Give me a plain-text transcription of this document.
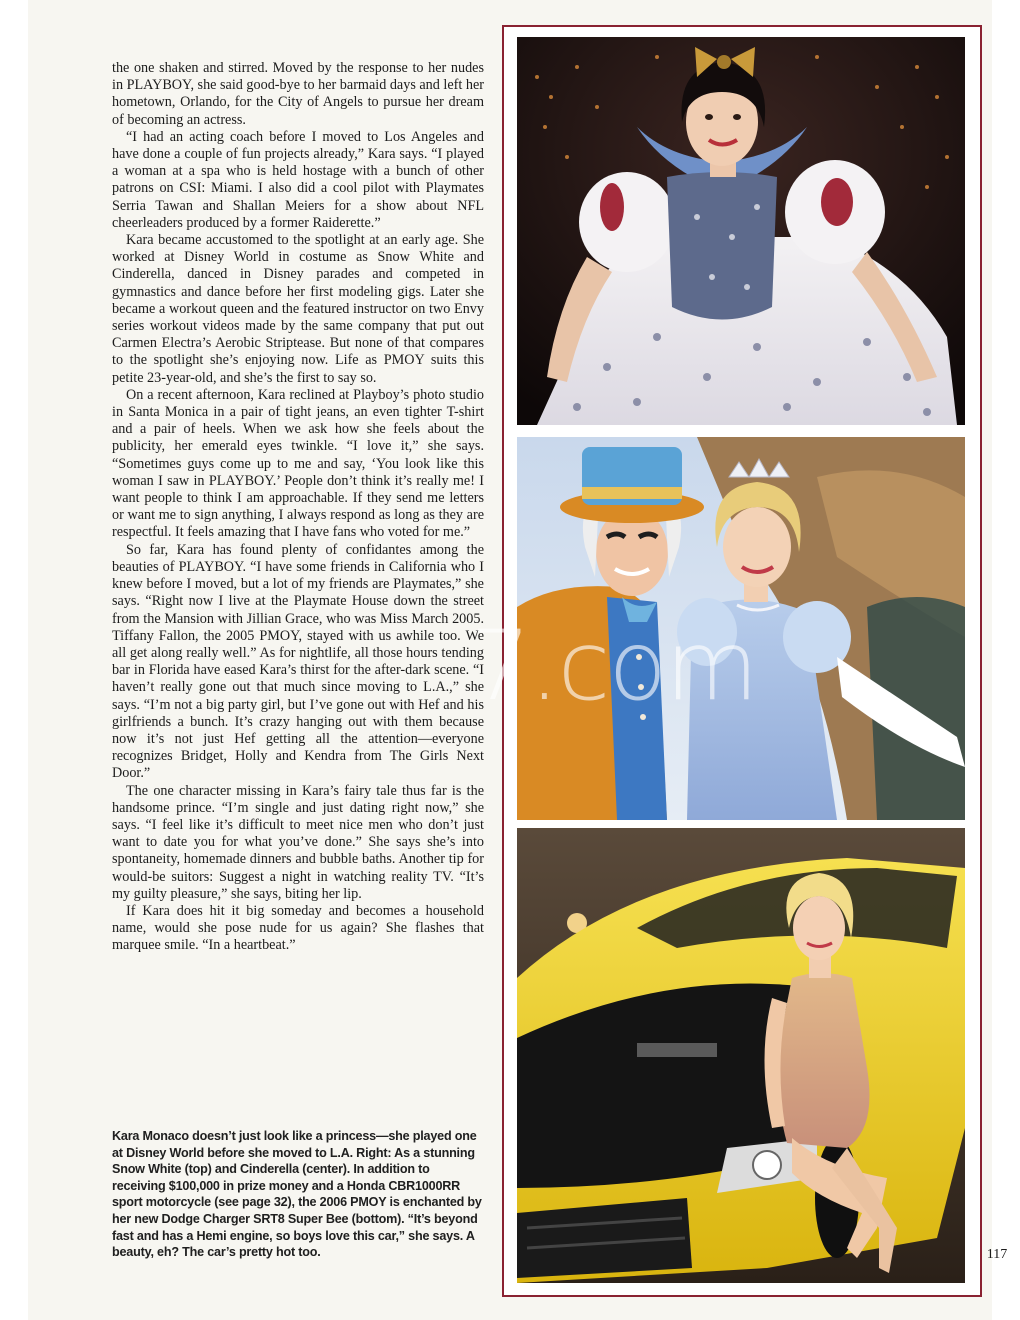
the one shaken and stirred. Moved by the response to her nudes in PLAYBOY, she said good-bye to her barmaid days and left her hometown, Orlando, for the City of Angels to pursue her dream of becoming an actress.

“I had an acting coach before I moved to Los Angeles and have done a couple of fun projects already,” Kara says. “I played a woman at a spa who is held hostage with a bunch of other patrons on CSI: Miami. I also did a cool pilot with Playmates Serria Tawan and Shallan Meiers for a show about NFL cheerleaders produced by a former Raiderette.”

Kara became accustomed to the spotlight at an early age. She worked at Disney World in costume as Snow White and Cinderella, danced in Disney parades and competed in gymnastics and dance before her first modeling gigs. Later she became a workout queen and the featured instructor on two Envy series workout videos made by the same company that put out Carmen Electra’s Aerobic Striptease. But none of that compares to the spotlight she’s enjoying now. Life as PMOY suits this petite 23-year-old, and she’s the first to say so.

On a recent afternoon, Kara reclined at Playboy’s photo studio in Santa Monica in a pair of tight jeans, an even tighter T-shirt and a pair of heels. When we ask how she feels about the publicity, her emerald eyes twinkle. “I love it,” she says. “Sometimes guys come up to me and say, ‘You look like this woman I saw in PLAYBOY.’ People don’t think it’s really me! I want people to think I am approachable. If they send me letters or want me to sign anything, I always respond as long as they are respectful. It feels amazing that I have fans who voted for me.”

So far, Kara has found plenty of confidantes among the beauties of PLAYBOY. “I have some friends in California who I knew before I moved, but a lot of my friends are Playmates,” she says. “Right now I live at the Playmate House down the street from the Mansion with Jillian Grace, who was Miss March 2005. Tiffany Fallon, the 2005 PMOY, stayed with us awhile too. We all get along really well.” As for nightlife, all those hours tending bar in Florida have eased Kara’s thirst for the after-dark scene. “I haven’t really gone out that much since moving to L.A.,” she says. “I’m not a big party girl, but I’ve gone out with Hef and his girlfriends a bunch. It’s crazy hanging out with them because now it’s not just Hef getting all the attention—everyone recognizes Bridget, Holly and Kendra from The Girls Next Door.”

The one character missing in Kara’s fairy tale thus far is the handsome prince. “I’m single and just dating right now,” she says. “I feel like it’s difficult to meet nice men who don’t just want to date you for what you’ve done.” She says she’s into spontaneity, homemade dinners and bubble baths. Another tip for would-be suitors: Suggest a night in watching reality TV. “It’s my guilty pleasure,” she says, biting her lip.

If Kara does hit it big someday and becomes a household name, would she pose nude for us again? She flashes that marquee smile. “In a heartbeat.”

Kara Monaco doesn’t just look like a princess—she played one at Disney World before she moved to L.A. Right: As a stunning Snow White (top) and Cinderella (center). In addition to receiving $100,000 in prize money and a Honda CBR1000RR sport motorcycle (see page 32), the 2006 PMOY is enchanted by her new Dodge Charger SRT8 Super Bee (bottom). “It’s beyond fast and has a Hemi engine, so boys love this car,” she says. A beauty, eh? The car’s pretty hot too.	117
7.com
